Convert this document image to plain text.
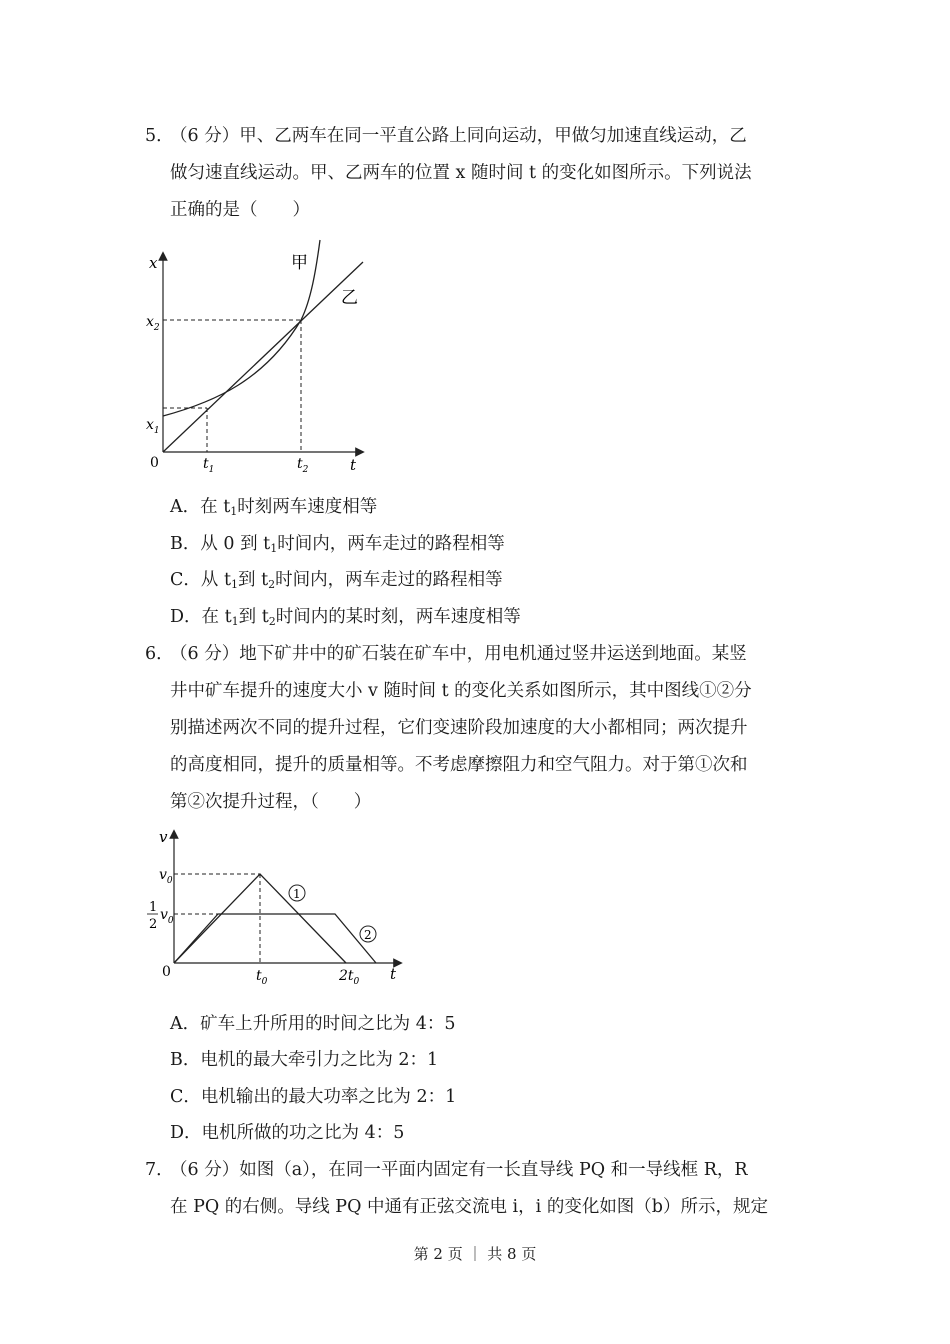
5．
（6 分）甲、乙两车在同一平直公路上同向运动，甲做匀加速直线运动，乙
做匀速直线运动。甲、乙两车的位置 x 随时间 t 的变化如图所示。下列说法
正确的是（　　）
x
t
0
甲
乙
$x_1$
$x_2$
$t_1$	$t_2$
A．在 $t_1$时刻两车速度相等
B．从 0 到 $t_1$时间内，两车走过的路程相等
C．从 $t_1$到 $t_2$时间内，两车走过的路程相等
D．在 $t_1$到 $t_2$时间内的某时刻，两车速度相等
6．
（6 分）地下矿井中的矿石装在矿车中，用电机通过竖井运送到地面。某竖
井中矿车提升的速度大小 v 随时间 t 的变化关系如图所示，其中图线①②分
别描述两次不同的提升过程，它们变速阶段加速度的大小都相同；两次提升
的高度相同，提升的质量相等。不考虑摩擦阻力和空气阻力。对于第①次和
第②次提升过程，（　　）
1
2
v
t
0
$v_0$
1
2
$v_0$
$t_0$	$2t_0$
A．矿车上升所用的时间之比为 4：5
B．电机的最大牵引力之比为 2：1
C．电机输出的最大功率之比为 2：1
D．电机所做的功之比为 4：5
7．
（6 分）如图（a），在同一平面内固定有一长直导线 PQ 和一导线框 R，R
在 PQ 的右侧。导线 PQ 中通有正弦交流电 i，i 的变化如图（b）所示，规定
第 2 页 ｜ 共 8 页
